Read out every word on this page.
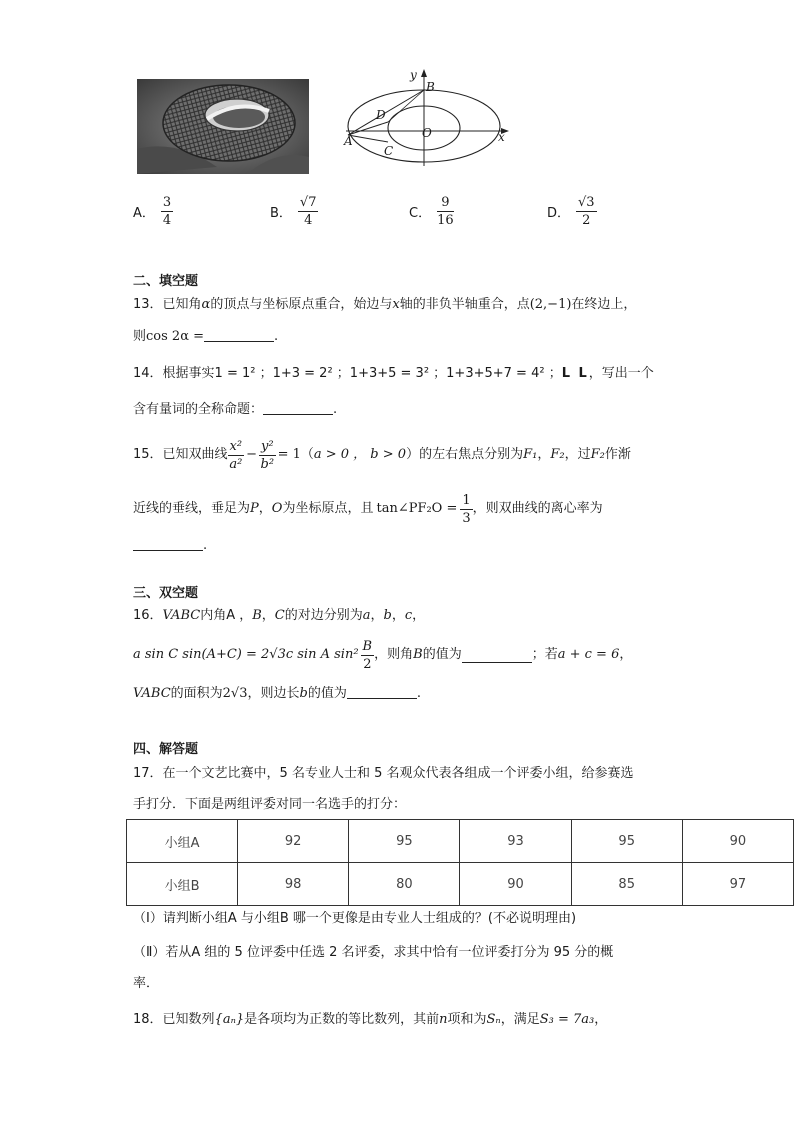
y
x
B
D
O
A
C
A． $\frac{3}{4}$	B． $\frac{√7}{4}$	C． $\frac{9}{16}$	D． $\frac{√3}{2}$
二、填空题
13．已知角α的顶点与坐标原点重合，始边与x轴的非负半轴重合，点(2,−1)在终边上，
则cos 2α =	.
14．根据事实1 = 1² ；1+3 = 2² ；1+3+5 = 3² ；1+3+5+7 = 4² ；L L，写出一个
含有量词的全称命题：	.
15．已知双曲线 $\frac{\text{x²}}{\text{a²}} - \frac{\text{y²}}{\text{b²}} = 1$（ a > 0 ， b > 0 ）的左右焦点分别为 F₁ ， F₂ ，过 F₂ 作渐
近线的垂线，垂足为 P ， O 为坐标原点，且 tan∠PF₂O = $\frac{1}{3}$ ，则双曲线的离心率为
.
三、双空题
16．VABC内角A ，B，C的对边分别为a，b，c，
a sin C sin(A+C) = 2√3c sin A $\sin^2 \frac{B}{2}$ ，则角 B 的值为	；若 a + c = 6 ，
VABC的面积为2√3，则边长b的值为	.
四、解答题
17．在一个文艺比赛中，5 名专业人士和 5 名观众代表各组成一个评委小组，给参赛选
手打分．下面是两组评委对同一名选手的打分：
小组A	92	95	93	95	90
小组B	98	80	90	85	97
（Ⅰ）请判断小组A 与小组B 哪一个更像是由专业人士组成的？(不必说明理由)
（Ⅱ）若从A 组的 5 位评委中任选 2 名评委，求其中恰有一位评委打分为 95 分的概
率．
18．已知数列{aₙ}是各项均为正数的等比数列，其前n项和为Sₙ，满足S₃ = 7a₃，
